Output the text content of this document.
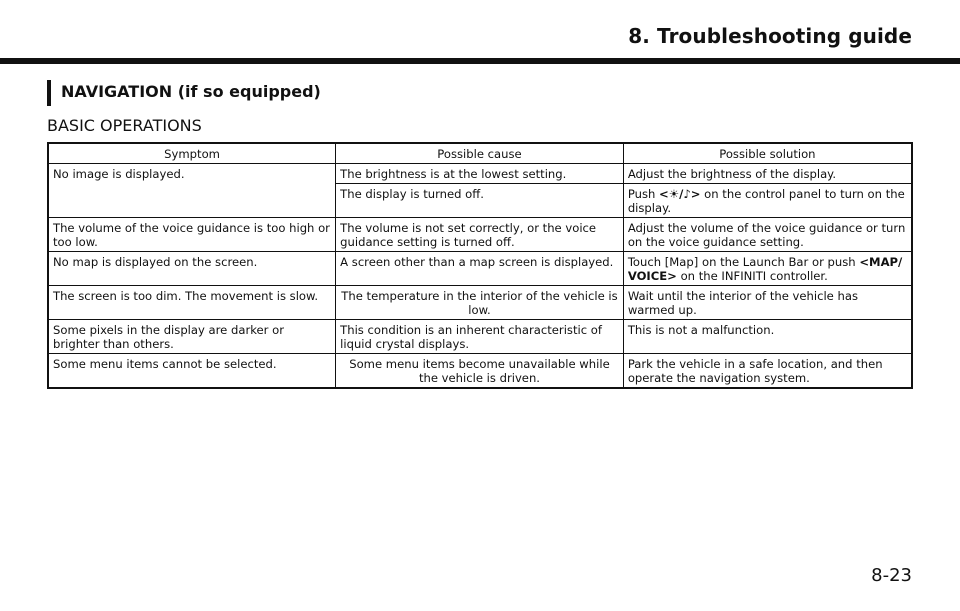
8. Troubleshooting guide
NAVIGATION (if so equipped)
BASIC OPERATIONS
Symptom	Possible cause	Possible solution
No image is displayed.	The brightness is at the lowest setting.	Adjust the brightness of the display.
	The display is turned off.	Push <☀/♪> on the control panel to turn on the display.
The volume of the voice guidance is too high or too low.	The volume is not set correctly, or the voice guidance setting is turned off.	Adjust the volume of the voice guidance or turn on the voice guidance setting.
No map is displayed on the screen.	A screen other than a map screen is displayed.	Touch [Map] on the Launch Bar or push <MAP/ VOICE> on the INFINITI controller.
The screen is too dim. The movement is slow.	The temperature in the interior of the vehicle is low.	Wait until the interior of the vehicle has warmed up.
Some pixels in the display are darker or brighter than others.	This condition is an inherent characteristic of liquid crystal displays.	This is not a malfunction.
Some menu items cannot be selected.	Some menu items become unavailable while the vehicle is driven.	Park the vehicle in a safe location, and then operate the navigation system.
8-23
